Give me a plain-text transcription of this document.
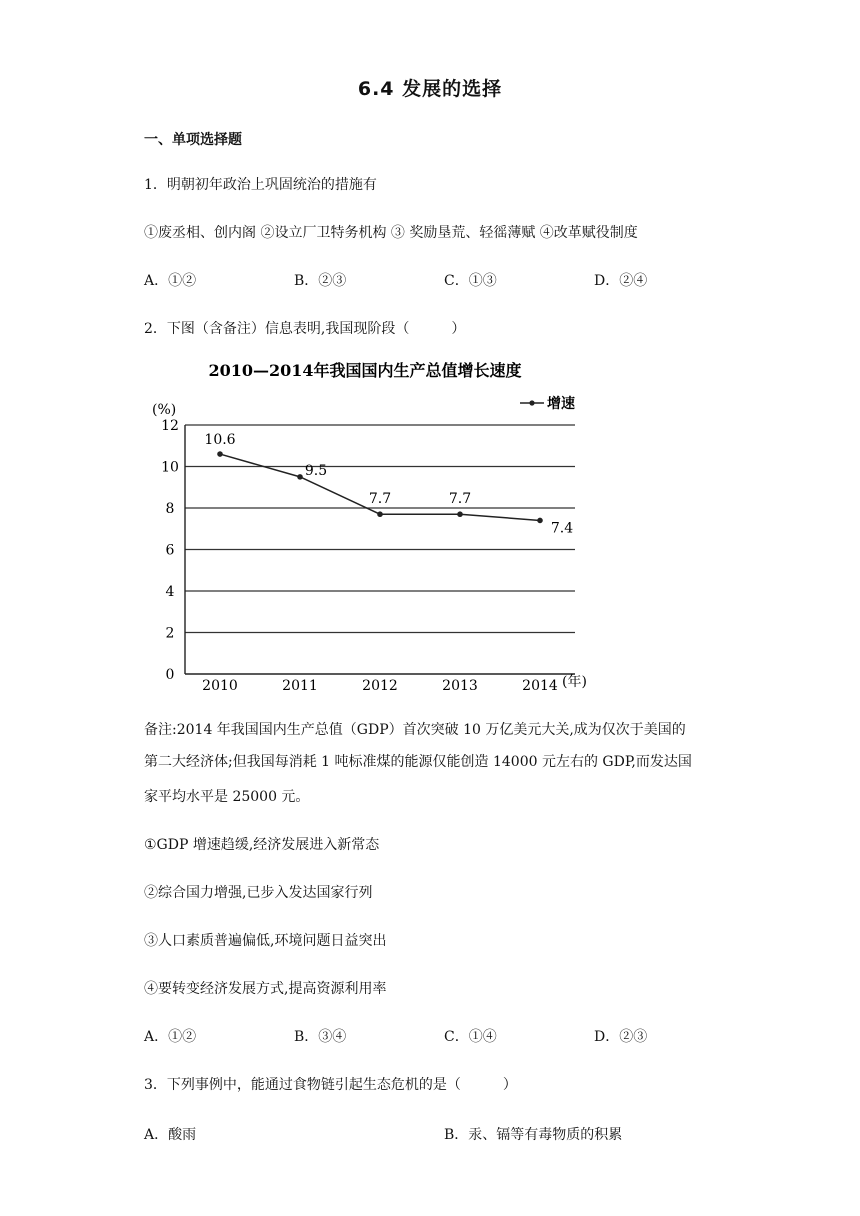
6.4 发展的选择
一、单项选择题
1．明朝初年政治上巩固统治的措施有
①废丞相、创内阁 ②设立厂卫特务机构 ③ 奖励垦荒、轻徭薄赋 ④改革赋役制度
A．①②	B．②③	C．①③	D．②④
2．下图（含备注）信息表明,我国现阶段（　　　）
2010—2014年我国国内生产总值增长速度
(%)	增速
0
2
4
6
8
10
12
2010	2011	2012	2013	2014
10.6
9.5
7.7	7.7
7.4
(年)
备注:2014 年我国国内生产总值（GDP）首次突破 10 万亿美元大关,成为仅次于美国的
第二大经济体;但我国每消耗 1 吨标准煤的能源仅能创造 14000 元左右的 GDP,而发达国
家平均水平是 25000 元。
①GDP 增速趋缓,经济发展进入新常态
②综合国力增强,已步入发达国家行列
③人口素质普遍偏低,环境问题日益突出
④要转变经济发展方式,提高资源利用率
A．①②	B．③④	C．①④	D．②③
3．下列事例中，能通过食物链引起生态危机的是（　　　）
A．酸雨	B．汞、镉等有毒物质的积累
